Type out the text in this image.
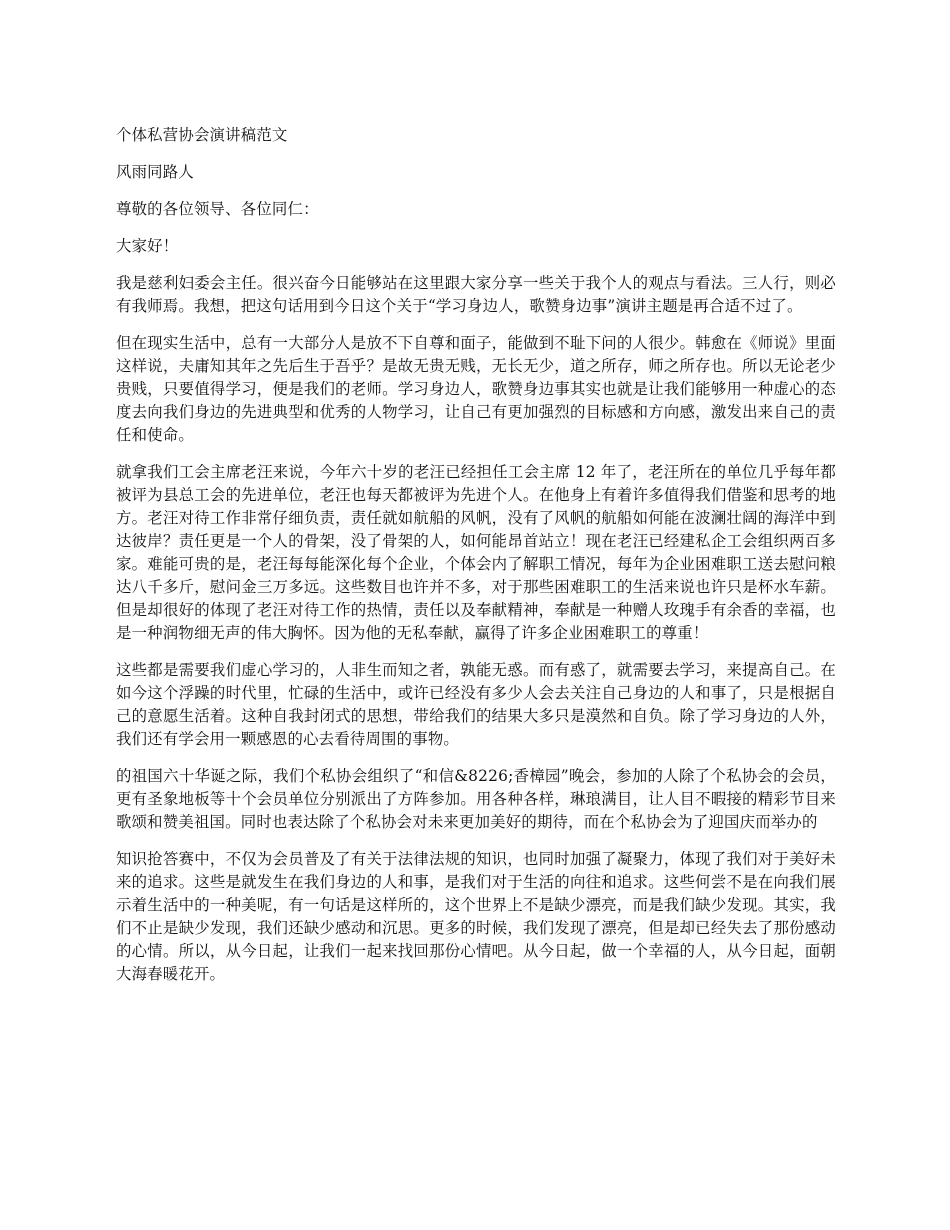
个体私营协会演讲稿范文

风雨同路人

尊敬的各位领导、各位同仁：

大家好！

我是慈利妇委会主任。很兴奋今日能够站在这里跟大家分享一些关于我个人的观点与看法。三人行，则必有我师焉。我想，把这句话用到今日这个关于“学习身边人，歌赞身边事”演讲主题是再合适不过了。

但在现实生活中，总有一大部分人是放不下自尊和面子，能做到不耻下问的人很少。韩愈在《师说》里面这样说，夫庸知其年之先后生于吾乎？是故无贵无贱，无长无少，道之所存，师之所存也。所以无论老少贵贱，只要值得学习，便是我们的老师。学习身边人，歌赞身边事其实也就是让我们能够用一种虚心的态度去向我们身边的先进典型和优秀的人物学习，让自己有更加强烈的目标感和方向感，激发出来自己的责任和使命。

就拿我们工会主席老汪来说，今年六十岁的老汪已经担任工会主席 12 年了，老汪所在的单位几乎每年都被评为县总工会的先进单位，老汪也每天都被评为先进个人。在他身上有着许多值得我们借鉴和思考的地方。老汪对待工作非常仔细负责，责任就如航船的风帆，没有了风帆的航船如何能在波澜壮阔的海洋中到达彼岸？责任更是一个人的骨架，没了骨架的人，如何能昂首站立！现在老汪已经建私企工会组织两百多家。难能可贵的是，老汪每每能深化每个企业，个体会内了解职工情况，每年为企业困难职工送去慰问粮达八千多斤，慰问金三万多远。这些数目也许并不多，对于那些困难职工的生活来说也许只是杯水车薪。但是却很好的体现了老汪对待工作的热情，责任以及奉献精神，奉献是一种赠人玫瑰手有余香的幸福，也是一种润物细无声的伟大胸怀。因为他的无私奉献，赢得了许多企业困难职工的尊重！

这些都是需要我们虚心学习的，人非生而知之者，孰能无惑。而有惑了，就需要去学习，来提高自己。在如今这个浮躁的时代里，忙碌的生活中，或许已经没有多少人会去关注自己身边的人和事了，只是根据自己的意愿生活着。这种自我封闭式的思想，带给我们的结果大多只是漠然和自负。除了学习身边的人外，我们还有学会用一颗感恩的心去看待周围的事物。

的祖国六十华诞之际，我们个私协会组织了“和信&8226;香樟园”晚会，参加的人除了个私协会的会员，更有圣象地板等十个会员单位分别派出了方阵参加。用各种各样，琳琅满目，让人目不暇接的精彩节目来歌颂和赞美祖国。同时也表达除了个私协会对未来更加美好的期待，而在个私协会为了迎国庆而举办的

知识抢答赛中，不仅为会员普及了有关于法律法规的知识，也同时加强了凝聚力，体现了我们对于美好未来的追求。这些是就发生在我们身边的人和事，是我们对于生活的向往和追求。这些何尝不是在向我们展示着生活中的一种美呢，有一句话是这样所的，这个世界上不是缺少漂亮，而是我们缺少发现。其实，我们不止是缺少发现，我们还缺少感动和沉思。更多的时候，我们发现了漂亮，但是却已经失去了那份感动的心情。所以，从今日起，让我们一起来找回那份心情吧。从今日起，做一个幸福的人，从今日起，面朝大海春暖花开。
